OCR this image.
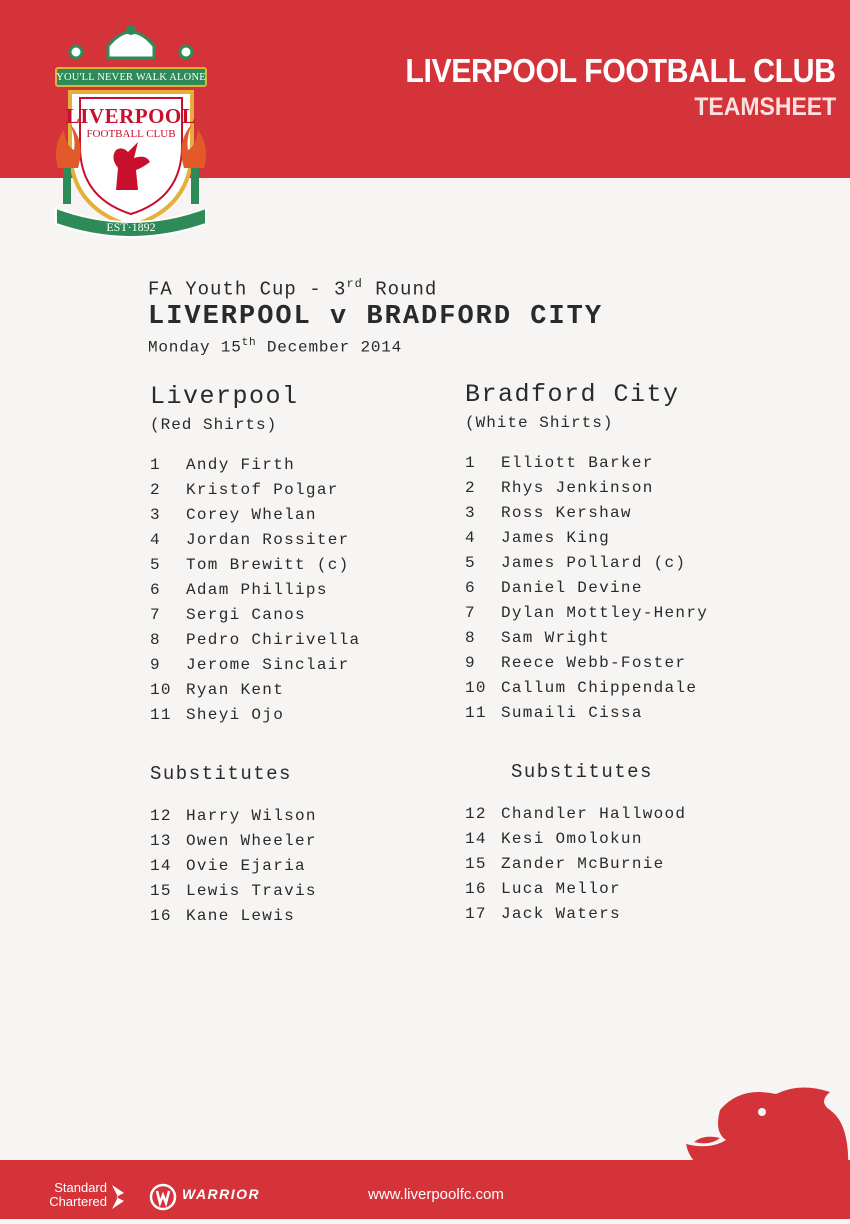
YOU'LL NEVER WALK ALONE
LIVERPOOL
FOOTBALL CLUB
EST·1892
LIVERPOOL FOOTBALL CLUB
TEAMSHEET
FA Youth Cup - 3rd Round
LIVERPOOL v BRADFORD CITY
Monday 15th December 2014
Liverpool
(Red Shirts)
1 Andy Firth
2 Kristof Polgar
3 Corey Whelan
4 Jordan Rossiter
5 Tom Brewitt (c)
6 Adam Phillips
7 Sergi Canos
8 Pedro Chirivella
9 Jerome Sinclair
10 Ryan Kent
11 Sheyi Ojo
Substitutes
12 Harry Wilson
13 Owen Wheeler
14 Ovie Ejaria
15 Lewis Travis
16 Kane Lewis
Bradford City
(White Shirts)
1 Elliott Barker
2 Rhys Jenkinson
3 Ross Kershaw
4 James King
5 James Pollard (c)
6 Daniel Devine
7 Dylan Mottley-Henry
8 Sam Wright
9 Reece Webb-Foster
10 Callum Chippendale
11 Sumaili Cissa
Substitutes
12 Chandler Hallwood
14 Kesi Omolokun
15 Zander McBurnie
16 Luca Mellor
17 Jack Waters
Standard
Chartered	WARRIOR	www.liverpoolfc.com
